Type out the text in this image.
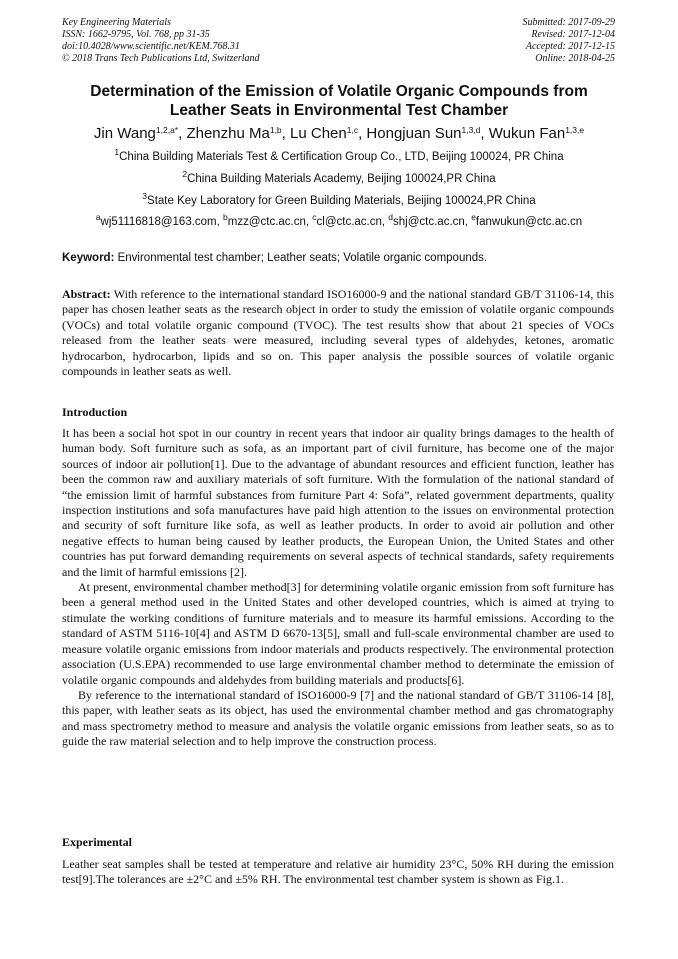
Key Engineering Materials
ISSN: 1662-9795, Vol. 768, pp 31-35
doi:10.4028/www.scientific.net/KEM.768.31
© 2018 Trans Tech Publications Ltd, Switzerland
Submitted: 2017-09-29
Revised: 2017-12-04
Accepted: 2017-12-15
Online: 2018-04-25
Determination of the Emission of Volatile Organic Compounds from Leather Seats in Environmental Test Chamber
Jin Wang$^{1,2,a*}$, Zhenzhu Ma$^{1,b}$, Lu Chen$^{1,c}$, Hongjuan Sun$^{1,3,d}$, Wukun Fan$^{1,3,e}$
$^1$China Building Materials Test & Certification Group Co., LTD, Beijing 100024, PR China
$^2$China Building Materials Academy, Beijing 100024,PR China
$^3$State Key Laboratory for Green Building Materials, Beijing 100024,PR China
$^a$wj51116818@163.com, $^b$mzz@ctc.ac.cn, $^c$cl@ctc.ac.cn, $^d$shj@ctc.ac.cn, $^e$fanwukun@ctc.ac.cn
Keyword: Environmental test chamber; Leather seats; Volatile organic compounds.
Abstract: With reference to the international standard ISO16000-9 and the national standard GB/T 31106-14, this paper has chosen leather seats as the research object in order to study the emission of volatile organic compounds (VOCs) and total volatile organic compound (TVOC). The test results show that about 21 species of VOCs released from the leather seats were measured, including several types of aldehydes, ketones, aromatic hydrocarbon, hydrocarbon, lipids and so on. This paper analysis the possible sources of volatile organic compounds in leather seats as well.
Introduction

It has been a social hot spot in our country in recent years that indoor air quality brings damages to the health of human body. Soft furniture such as sofa, as an important part of civil furniture, has become one of the major sources of indoor air pollution[1]. Due to the advantage of abundant resources and efficient function, leather has been the common raw and auxiliary materials of soft furniture. With the formulation of the national standard of “the emission limit of harmful substances from furniture Part 4: Sofa”, related government departments, quality inspection institutions and sofa manufactures have paid high attention to the issues on environmental protection and security of soft furniture like sofa, as well as leather products. In order to avoid air pollution and other negative effects to human being caused by leather products, the European Union, the United States and other countries has put forward demanding requirements on several aspects of technical standards, safety requirements and the limit of harmful emissions [2].

At present, environmental chamber method[3] for determining volatile organic emission from soft furniture has been a general method used in the United States and other developed countries, which is aimed at trying to stimulate the working conditions of furniture materials and to measure its harmful emissions. According to the standard of ASTM 5116-10[4] and ASTM D 6670-13[5], small and full-scale environmental chamber are used to measure volatile organic emissions from indoor materials and products respectively. The environmental protection association (U.S.EPA) recommended to use large environmental chamber method to determinate the emission of volatile organic compounds and aldehydes from building materials and products[6].

By reference to the international standard of ISO16000-9 [7] and the national standard of GB/T 31106-14 [8], this paper, with leather seats as its object, has used the environmental chamber method and gas chromatography and mass spectrometry method to measure and analysis the volatile organic emissions from leather seats, so as to guide the raw material selection and to help improve the construction process.

Experimental

Leather seat samples shall be tested at temperature and relative air humidity 23°C, 50% RH during the emission test[9].The tolerances are ±2°C and ±5% RH. The environmental test chamber system is shown as Fig.1.
